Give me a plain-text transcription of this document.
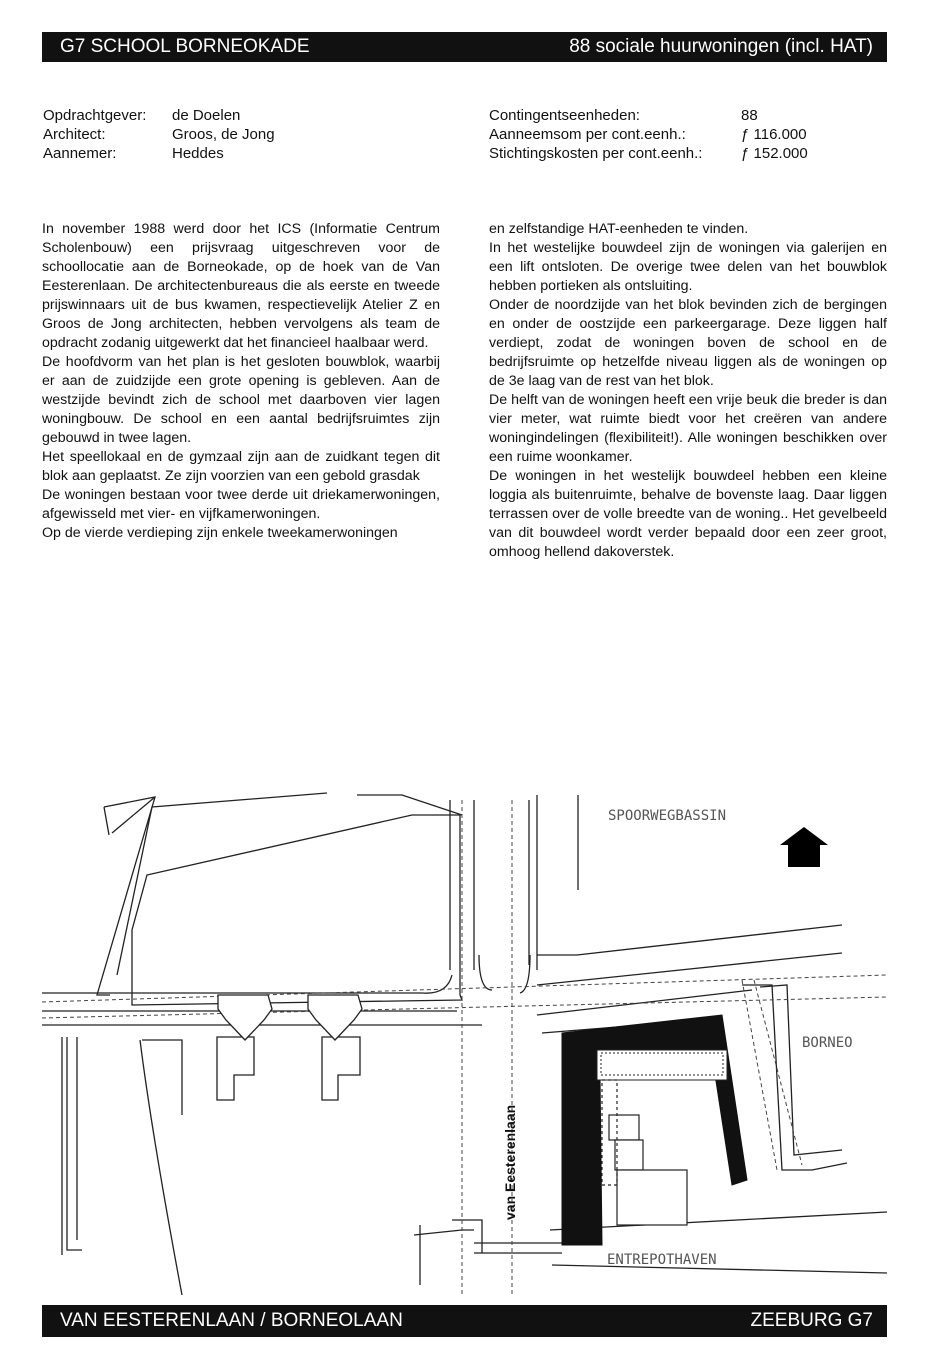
G7 SCHOOL BORNEOKADE	88 sociale huurwoningen (incl. HAT)
Opdrachtgever: de Doelen
Architect:	Groos, de Jong
Aannemer:	Heddes
Contingentseenheden:	88
Aanneemsom per cont.eenh.:	ƒ 116.000
Stichtingskosten per cont.eenh.:	ƒ 152.000

In november 1988 werd door het ICS (Informatie Centrum Scholenbouw) een prijsvraag uitgeschreven voor de schoollocatie aan de Borneokade, op de hoek van de Van Eesterenlaan. De architectenbureaus die als eerste en tweede prijswinnaars uit de bus kwamen, respectievelijk Atelier Z en Groos de Jong architecten, hebben vervolgens als team de opdracht zodanig uitgewerkt dat het financieel haalbaar werd.

De hoofdvorm van het plan is het gesloten bouwblok, waarbij er aan de zuidzijde een grote opening is gebleven. Aan de westzijde bevindt zich de school met daarboven vier lagen woningbouw. De school en een aantal bedrijfsruimtes zijn gebouwd in twee lagen.

Het speellokaal en de gymzaal zijn aan de zuidkant tegen dit blok aan geplaatst. Ze zijn voorzien van een gebold grasdak

De woningen bestaan voor twee derde uit driekamerwoningen, afgewisseld met vier- en vijfkamerwoningen.

Op de vierde verdieping zijn enkele tweekamerwoningen

en zelfstandige HAT-eenheden te vinden.

In het westelijke bouwdeel zijn de woningen via galerijen en een lift ontsloten. De overige twee delen van het bouwblok hebben portieken als ontsluiting.

Onder de noordzijde van het blok bevinden zich de bergingen en onder de oostzijde een parkeergarage. Deze liggen half verdiept, zodat de woningen boven de school en de bedrijfsruimte op hetzelfde niveau liggen als de woningen op de 3e laag van de rest van het blok.

De helft van de woningen heeft een vrije beuk die breder is dan vier meter, wat ruimte biedt voor het creëren van andere woningindelingen (flexibiliteit!). Alle woningen beschikken over een ruime woonkamer.

De woningen in het westelijk bouwdeel hebben een kleine loggia als buitenruimte, behalve de bovenste laag. Daar liggen terrassen over de volle breedte van de woning.. Het gevelbeeld van dit bouwdeel wordt verder bepaald door een zeer groot, omhoog hellend dakoverstek.

van Eesterenlaan
SPOORWEGBASSIN
BORNEO
ENTREPOTHAVEN
VAN EESTERENLAAN / BORNEOLAAN	ZEEBURG G7
